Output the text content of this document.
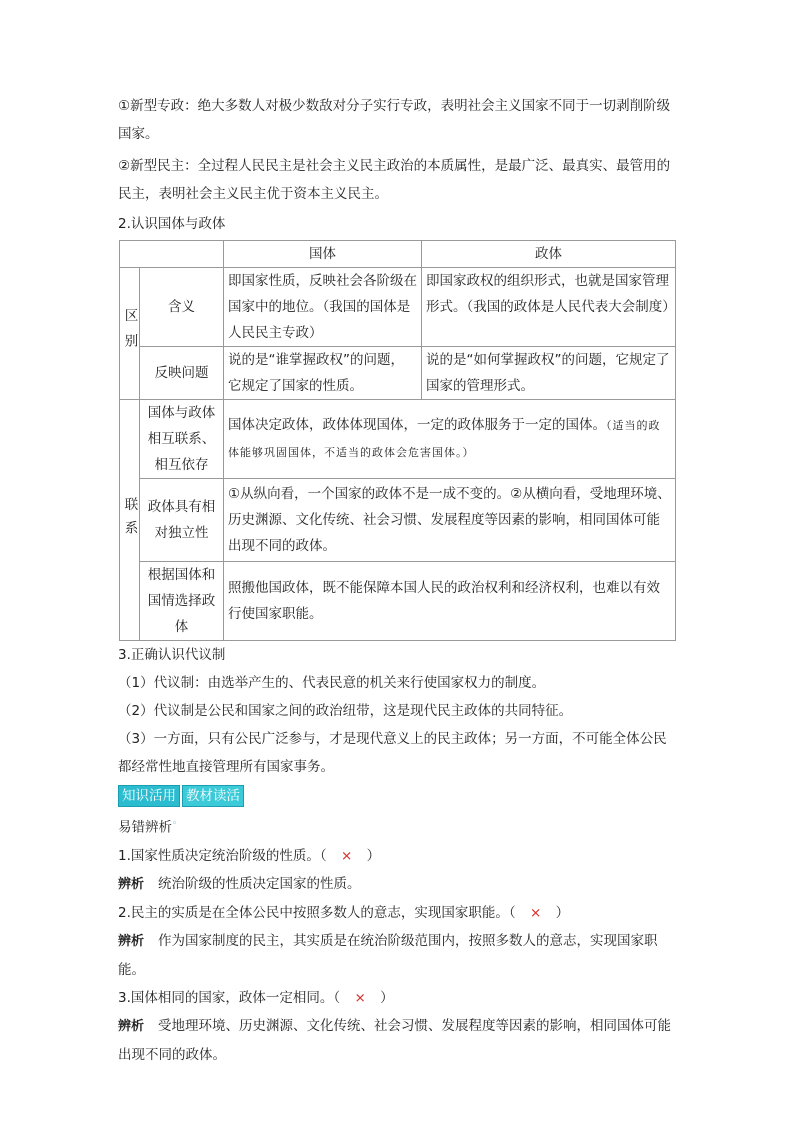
①新型专政：绝大多数人对极少数敌对分子实行专政，表明社会主义国家不同于一切剥削阶级国家。

②新型民主：全过程人民民主是社会主义民主政治的本质属性，是最广泛、最真实、最管用的民主，表明社会主义民主优于资本主义民主。

2.认识国体与政体

		国体	政体
区别	含义	即国家性质，反映社会各阶级在国家中的地位。（我国的国体是人民民主专政）	即国家政权的组织形式，也就是国家管理形式。（我国的政体是人民代表大会制度）
	反映问题	说的是“谁掌握政权”的问题，它规定了国家的性质。	说的是“如何掌握政权”的问题，它规定了国家的管理形式。
联系	国体与政体相互联系、相互依存	国体决定政体，政体体现国体，一定的政体服务于一定的国体。（适当的政体能够巩固国体，不适当的政体会危害国体。）	
	政体具有相对独立性	①从纵向看，一个国家的政体不是一成不变的。②从横向看，受地理环境、历史渊源、文化传统、社会习惯、发展程度等因素的影响，相同国体可能出现不同的政体。	
	根据国体和国情选择政体	照搬他国政体，既不能保障本国人民的政治权利和经济权利，也难以有效行使国家职能。	

3.正确认识代议制

（1）代议制：由选举产生的、代表民意的机关来行使国家权力的制度。

（2）代议制是公民和国家之间的政治纽带，这是现代民主政体的共同特征。

（3）一方面，只有公民广泛参与，才是现代意义上的民主政体；另一方面，不可能全体公民都经常性地直接管理所有国家事务。

知识活用 教材读活

易错辨析◦

1.国家性质决定统治阶级的性质。（ × ）

辨析 统治阶级的性质决定国家的性质。

2.民主的实质是在全体公民中按照多数人的意志，实现国家职能。（ × ）

辨析 作为国家制度的民主，其实质是在统治阶级范围内，按照多数人的意志，实现国家职能。

3.国体相同的国家，政体一定相同。（ × ）

辨析 受地理环境、历史渊源、文化传统、社会习惯、发展程度等因素的影响，相同国体可能出现不同的政体。
